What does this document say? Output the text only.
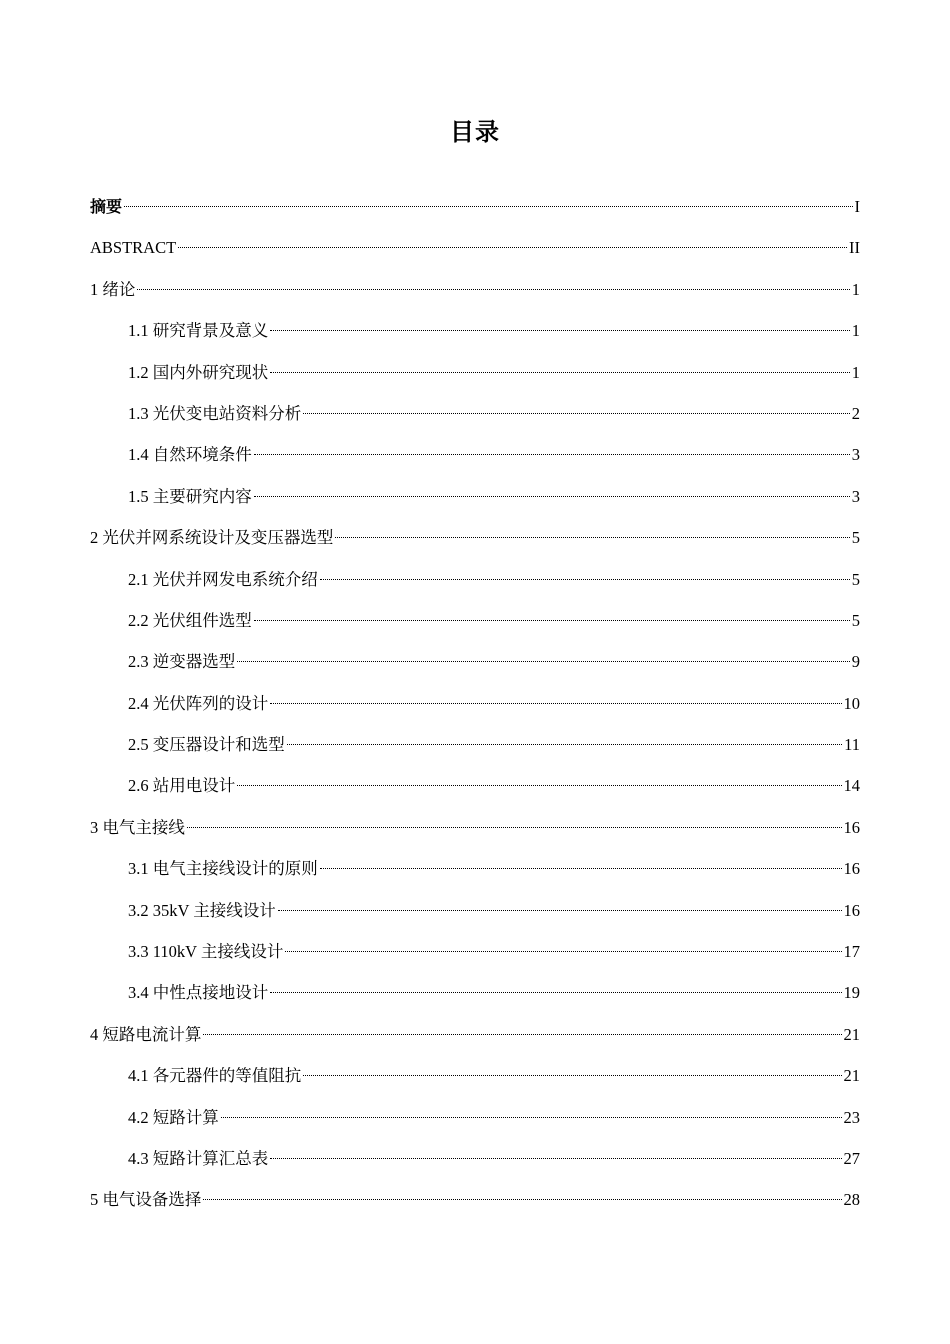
目录
摘要	I
ABSTRACT	II
1 绪论	1
1.1 研究背景及意义	1
1.2 国内外研究现状	1
1.3 光伏变电站资料分析	2
1.4 自然环境条件	3
1.5 主要研究内容	3
2 光伏并网系统设计及变压器选型	5
2.1 光伏并网发电系统介绍	5
2.2 光伏组件选型	5
2.3 逆变器选型	9
2.4 光伏阵列的设计	10
2.5 变压器设计和选型	11
2.6 站用电设计	14
3 电气主接线	16
3.1 电气主接线设计的原则	16
3.2 35kV 主接线设计	16
3.3 110kV 主接线设计	17
3.4 中性点接地设计	19
4 短路电流计算	21
4.1 各元器件的等值阻抗	21
4.2 短路计算	23
4.3 短路计算汇总表	27
5 电气设备选择	28
